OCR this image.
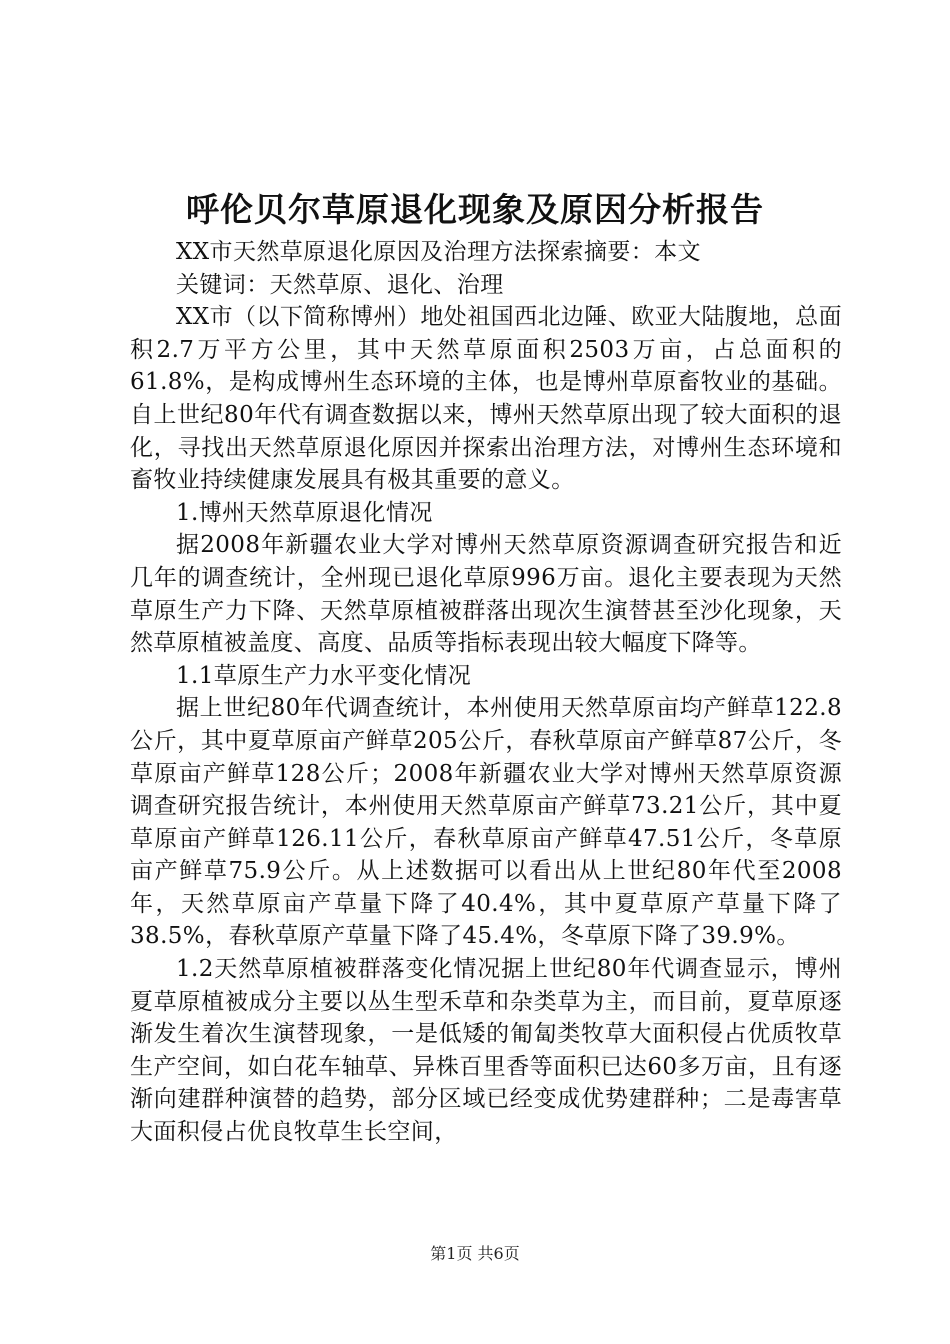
呼伦贝尔草原退化现象及原因分析报告

XX市天然草原退化原因及治理方法探索摘要：本文

关键词：天然草原、退化、治理

XX市（以下简称博州）地处祖国西北边陲、欧亚大陆腹地，总面积2.7万平方公里，其中天然草原面积2503万亩，占总面积的61.8%，是构成博州生态环境的主体，也是博州草原畜牧业的基础。自上世纪80年代有调查数据以来，博州天然草原出现了较大面积的退化，寻找出天然草原退化原因并探索出治理方法，对博州生态环境和畜牧业持续健康发展具有极其重要的意义。

1.博州天然草原退化情况

据2008年新疆农业大学对博州天然草原资源调查研究报告和近几年的调查统计，全州现已退化草原996万亩。退化主要表现为天然草原生产力下降、天然草原植被群落出现次生演替甚至沙化现象，天然草原植被盖度、高度、品质等指标表现出较大幅度下降等。

1.1草原生产力水平变化情况

据上世纪80年代调查统计，本州使用天然草原亩均产鲜草122.8公斤，其中夏草原亩产鲜草205公斤，春秋草原亩产鲜草87公斤，冬草原亩产鲜草128公斤；2008年新疆农业大学对博州天然草原资源调查研究报告统计，本州使用天然草原亩产鲜草73.21公斤，其中夏草原亩产鲜草126.11公斤，春秋草原亩产鲜草47.51公斤，冬草原亩产鲜草75.9公斤。从上述数据可以看出从上世纪80年代至2008年，天然草原亩产草量下降了40.4%，其中夏草原产草量下降了38.5%，春秋草原产草量下降了45.4%，冬草原下降了39.9%。

1.2天然草原植被群落变化情况据上世纪80年代调查显示，博州夏草原植被成分主要以丛生型禾草和杂类草为主，而目前，夏草原逐渐发生着次生演替现象，一是低矮的匍匐类牧草大面积侵占优质牧草生产空间，如白花车轴草、异株百里香等面积已达60多万亩，且有逐渐向建群种演替的趋势，部分区域已经变成优势建群种；二是毒害草大面积侵占优良牧草生长空间，

第1页 共6页
